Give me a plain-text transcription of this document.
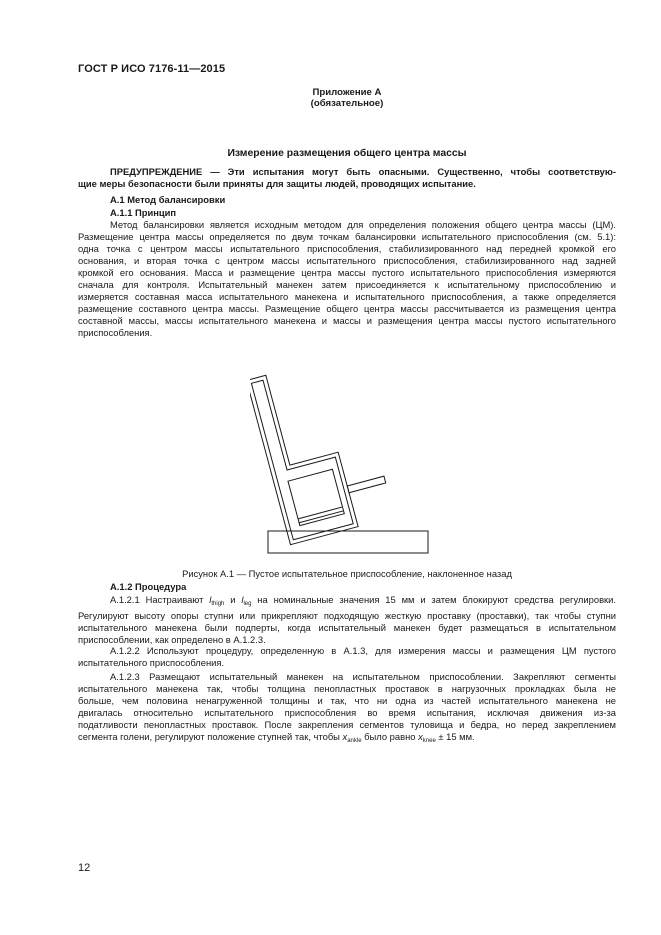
ГОСТ Р ИСО 7176-11—2015
Приложение А
(обязательное)
Измерение размещения общего центра массы
ПРЕДУПРЕЖДЕНИЕ — Эти испытания могут быть опасными. Существенно, чтобы соответствую-
щие меры безопасности были приняты для защиты людей, проводящих испытание.
А.1 Метод балансировки
А.1.1 Принцип
Метод балансировки является исходным методом для определения положения общего центра массы (ЦМ).
Размещение центра массы определяется по двум точкам балансировки испытательного приспособления (см. 5.1):
одна точка с центром массы испытательного приспособления, стабилизированного над передней кромкой его
основания, и вторая точка с центром массы испытательного приспособления, стабилизированного над задней
кромкой его основания. Масса и размещение центра массы пустого испытательного приспособления измеряются
сначала для контроля. Испытательный манекен затем присоединяется к испытательному приспособлению и
измеряется составная масса испытательного манекена и испытательного приспособления, а также определяется
размещение составного центра массы. Размещение общего центра массы рассчитывается из размещения центра
составной массы, массы испытательного манекена и массы и размещения центра массы пустого испытательного
приспособления.
Рисунок А.1 — Пустое испытательное приспособление, наклоненное назад
А.1.2 Процедура
А.1.2.1 Настраивают $l_{thigh}$ и $l_{leg}$ на номинальные значения 15 мм и затем блокируют средства регулировки.
Регулируют высоту опоры ступни или прикрепляют подходящую жесткую проставку (проставки), так чтобы ступни
испытательного манекена были подперты, когда испытательный манекен будет размещаться в испытательном
приспособлении, как определено в А.1.2.3.
А.1.2.2 Используют процедуру, определенную в А.1.3, для измерения массы и размещения ЦМ пустого
испытательного приспособления.
А.1.2.3 Размещают испытательный манекен на испытательном приспособлении. Закрепляют сегменты
испытательного манекена так, чтобы толщина пенопластных проставок в нагрузочных прокладках была не
больше, чем половина ненагруженной толщины и так, что ни одна из частей испытательного манекена не
двигалась относительно испытательного приспособления во время испытания, исключая движения из-за
податливости пенопластных проставок. После закрепления сегментов туловища и бедра, но перед закреплением
сегмента голени, регулируют положение ступней так, чтобы $x_{ankle}$ было равно $x_{knee} \pm 15$ мм.
12
